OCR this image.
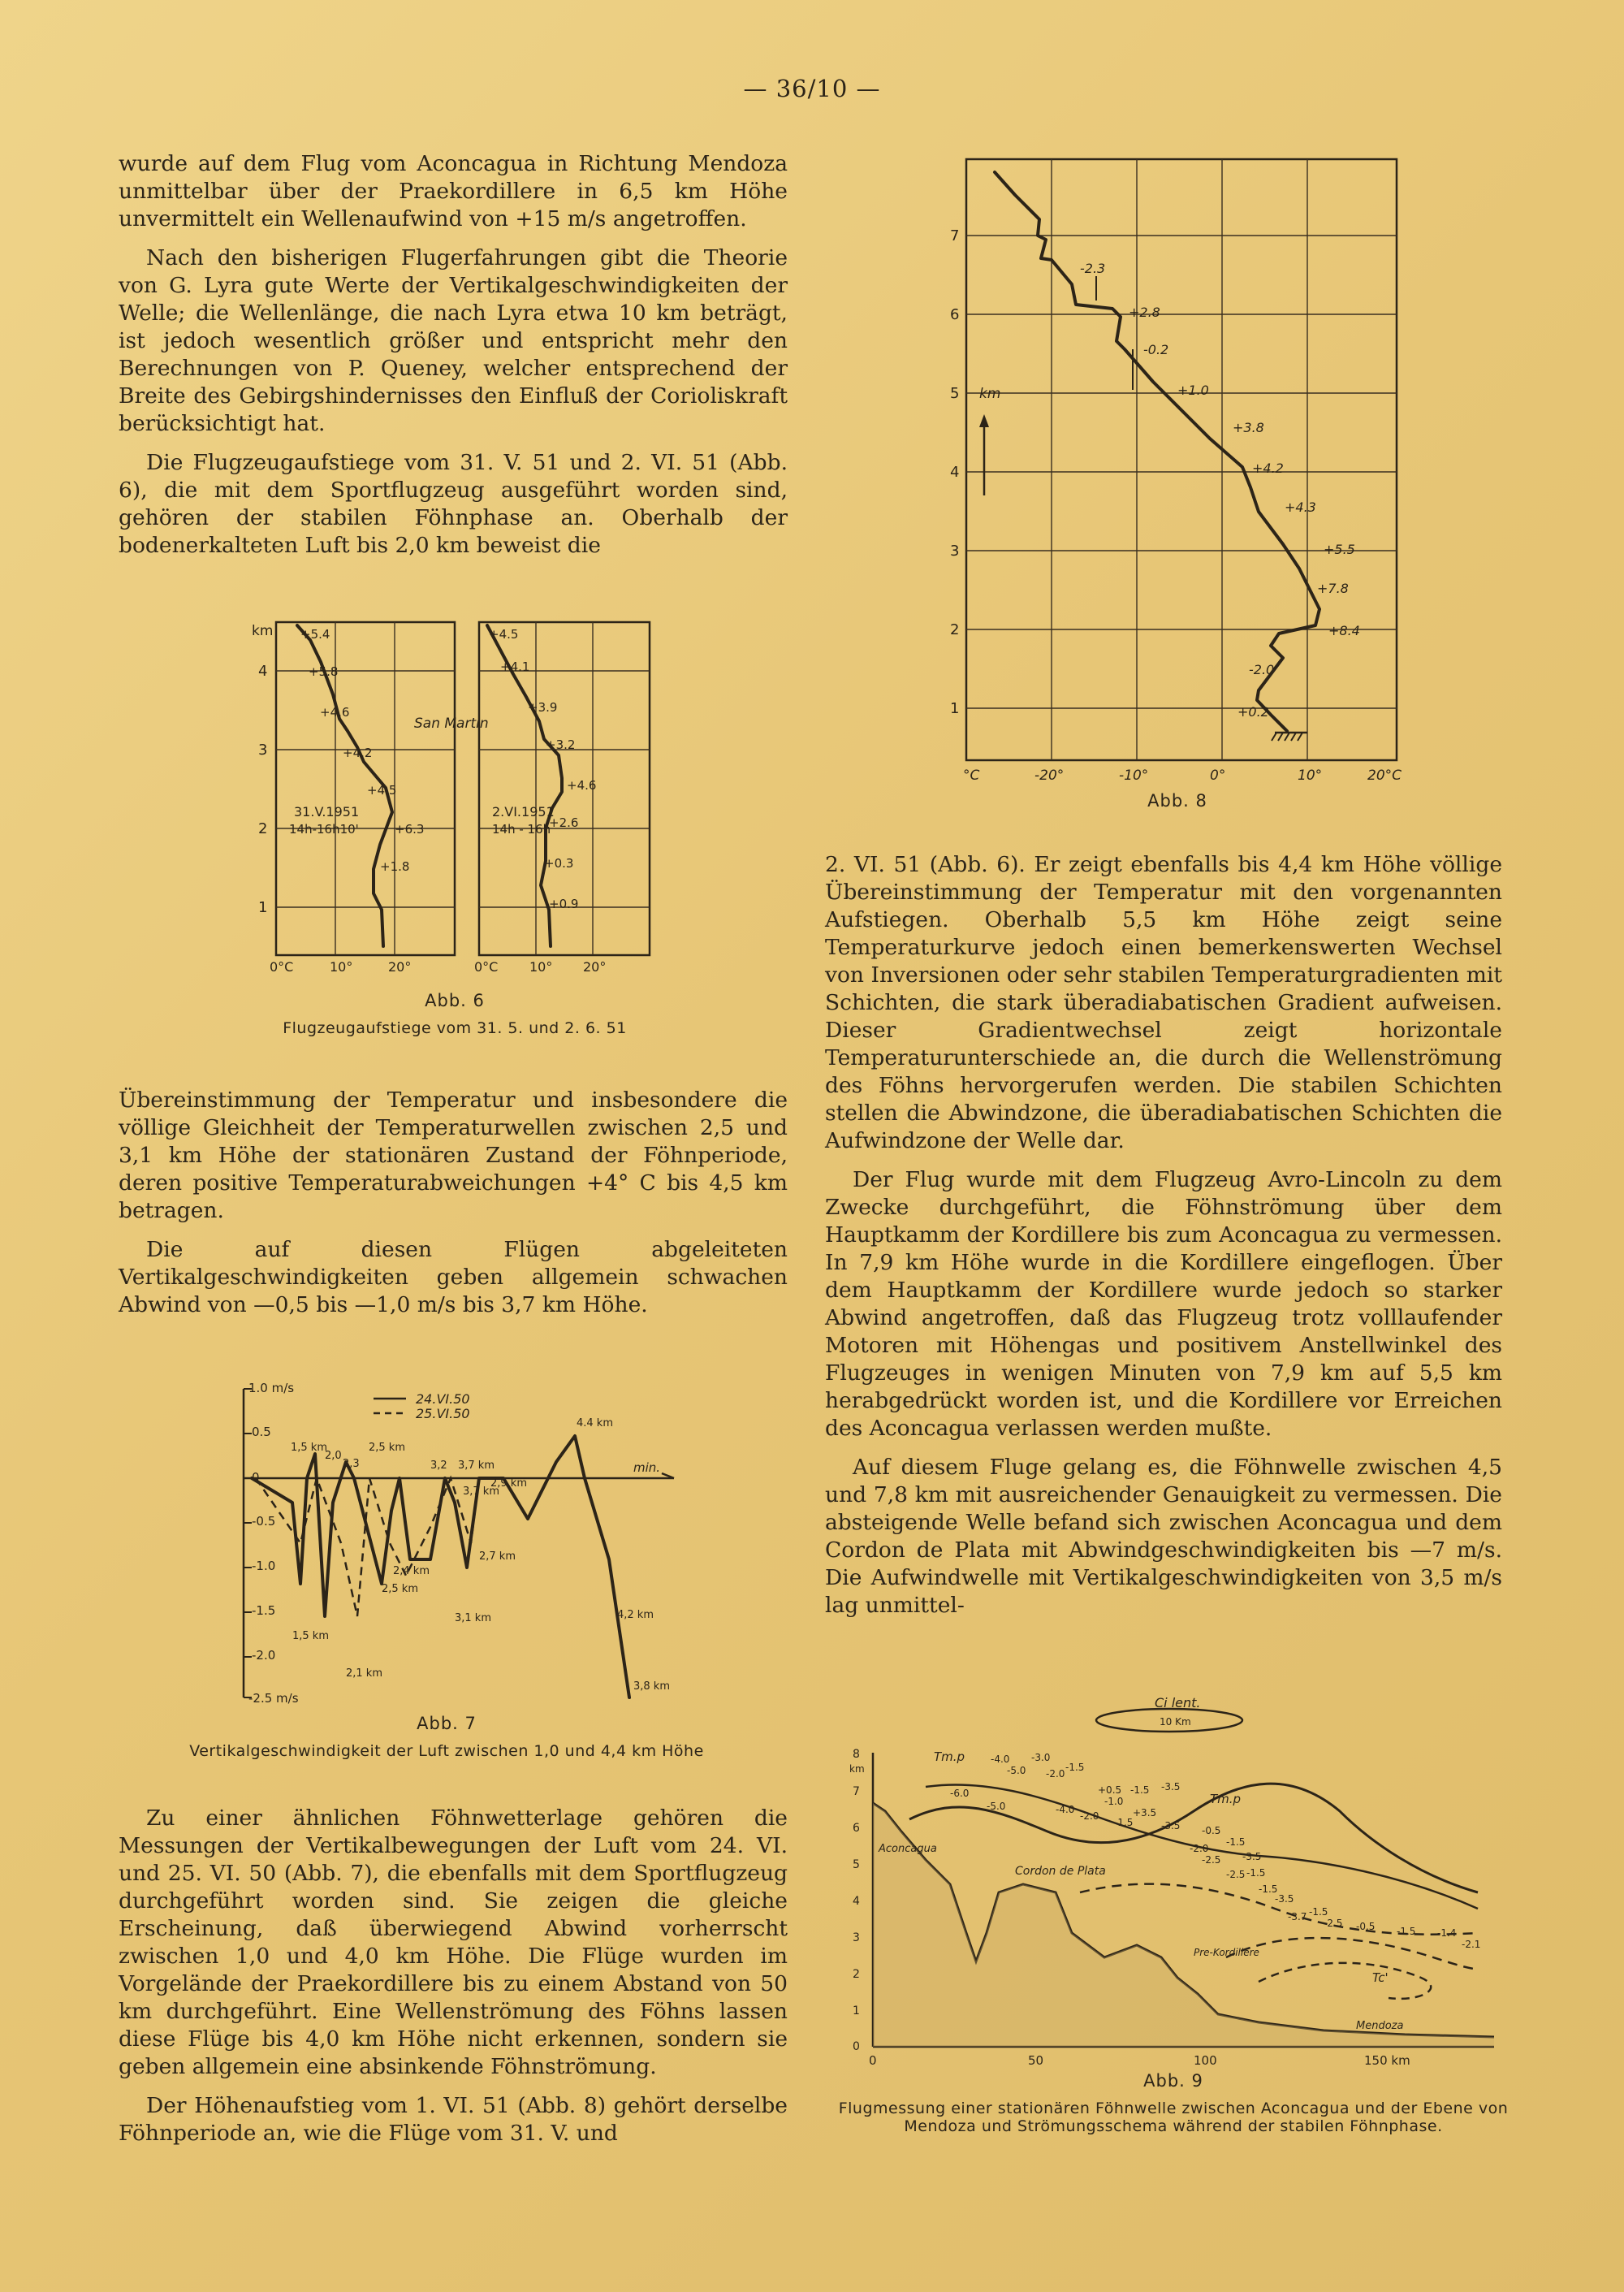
— 36/10 —

wurde auf dem Flug vom Aconcagua in Richtung Mendoza unmittelbar über der Praekordillere in 6,5 km Höhe unvermittelt ein Wellenaufwind von +15 m/s angetroffen.

Nach den bisherigen Flugerfahrungen gibt die Theorie von G. Lyra gute Werte der Vertikalgeschwindigkeiten der Welle; die Wellenlänge, die nach Lyra etwa 10 km beträgt, ist jedoch wesentlich größer und entspricht mehr den Berechnungen von P. Queney, welcher entsprechend der Breite des Gebirgshindernisses den Einfluß der Corioliskraft berücksichtigt hat.

Die Flugzeugaufstiege vom 31. V. 51 und 2. VI. 51 (Abb. 6), die mit dem Sportflugzeug ausgeführt worden sind, gehören der stabilen Föhnphase an. Oberhalb der bodenerkalteten Luft bis 2,0 km beweist die

km
4
3
2
1
+5.4
+5.8
+4.6
+4.2
+4.5
+6.3
+1.8
+4.5
+4.1
+3.9
+3.2
+4.6
+2.6
+0.3
+0.9
San Martin
31.V.1951
14h-16h10'
2.VI.1951
14h - 16h
0°C	10°	20°	0°C 10° 20°
Abb. 6
Flugzeugaufstiege vom 31. 5. und 2. 6. 51

Übereinstimmung der Temperatur und insbesondere die völlige Gleichheit der Temperaturwellen zwischen 2,5 und 3,1 km Höhe der stationären Zustand der Föhnperiode, deren positive Temperaturabweichungen +4° C bis 4,5 km betragen.

Die auf diesen Flügen abgeleiteten Vertikalgeschwindigkeiten geben allgemein schwachen Abwind von —0,5 bis —1,0 m/s bis 3,7 km Höhe.

1.0 m/s
0.5
0
-0.5
-1.0
-1.5
-2.0
-2.5 m/s
24.VI.50
25.VI.50
min.
1,5 km
2,0
2,3
2,5 km
3,2 3,7 km
4.4 km
3,7 km
2,9 km
2,7 km
2,4 km
2,5 km
1,5 km
2,1 km
3,1 km	4,2 km
3,8 km
Abb. 7
Vertikalgeschwindigkeit der Luft zwischen 1,0 und 4,4 km Höhe

Zu einer ähnlichen Föhnwetterlage gehören die Messungen der Vertikalbewegungen der Luft vom 24. VI. und 25. VI. 50 (Abb. 7), die ebenfalls mit dem Sportflugzeug durchgeführt worden sind. Sie zeigen die gleiche Erscheinung, daß überwiegend Abwind vorherrscht zwischen 1,0 und 4,0 km Höhe. Die Flüge wurden im Vorgelände der Praekordillere bis zu einem Abstand von 50 km durchgeführt. Eine Wellenströmung des Föhns lassen diese Flüge bis 4,0 km Höhe nicht erkennen, sondern sie geben allgemein eine absinkende Föhnströmung.

Der Höhenaufstieg vom 1. VI. 51 (Abb. 8) gehört derselbe Föhnperiode an, wie die Flüge vom 31. V. und

7
6
5
4
3
2
1
km
-2.3
+2.8
-0.2
+1.0
+3.8
+4.2
+4.3
+5.5
+7.8
+8.4
-2.0
+0.2
°C	-20°	-10°	0°	10°	20°C
Abb. 8

2. VI. 51 (Abb. 6). Er zeigt ebenfalls bis 4,4 km Höhe völlige Übereinstimmung der Temperatur mit den vorgenannten Aufstiegen. Oberhalb 5,5 km Höhe zeigt seine Temperaturkurve jedoch einen bemerkenswerten Wechsel von Inversionen oder sehr stabilen Temperaturgradienten mit Schichten, die stark überadiabatischen Gradient aufweisen. Dieser Gradientwechsel zeigt horizontale Temperaturunterschiede an, die durch die Wellenströmung des Föhns hervorgerufen werden. Die stabilen Schichten stellen die Abwindzone, die überadiabatischen Schichten die Aufwindzone der Welle dar.

Der Flug wurde mit dem Flugzeug Avro-Lincoln zu dem Zwecke durchgeführt, die Föhnströmung über dem Hauptkamm der Kordillere bis zum Aconcagua zu vermessen. In 7,9 km Höhe wurde in die Kordillere eingeflogen. Über dem Hauptkamm der Kordillere wurde jedoch so starker Abwind angetroffen, daß das Flugzeug trotz volllaufender Motoren mit Höhengas und positivem Anstellwinkel des Flugzeuges in wenigen Minuten von 7,9 km auf 5,5 km herabgedrückt worden ist, und die Kordillere vor Erreichen des Aconcagua verlassen werden mußte.

Auf diesem Fluge gelang es, die Föhnwelle zwischen 4,5 und 7,8 km mit ausreichender Genauigkeit zu vermessen. Die absteigende Welle befand sich zwischen Aconcagua und dem Cordon de Plata mit Abwindgeschwindigkeiten bis —7 m/s. Die Aufwindwelle mit Vertikalgeschwindigkeiten von 3,5 m/s lag unmittel-

Ci lent.
10 Km
8
7
6
5
4
3
2
1
0
km
Tm.p
Tm.p
Tc'
Aconcagua
Cordon de Plata
Pre-Kordillere
Mendoza
-4.0 -3.0
-5.0 -2.0
-1.5
-6.0
-5.0	-4.0
+0.5 -1.5 -3.5
-1.0
-2.0	+3.5
-1.5	-3.5 -0.5
-2.0
-2.5
-1.5
-3.5
-1.5
-2.5
-1.5
-3.5
-1.5
-3.7
-2.5 -0.5 -1.5 -1.4
-2.1
0	50	100	150 km
Abb. 9
Flugmessung einer stationären Föhnwelle zwischen Aconcagua und der Ebene von Mendoza und Strömungsschema während der stabilen Föhnphase.
